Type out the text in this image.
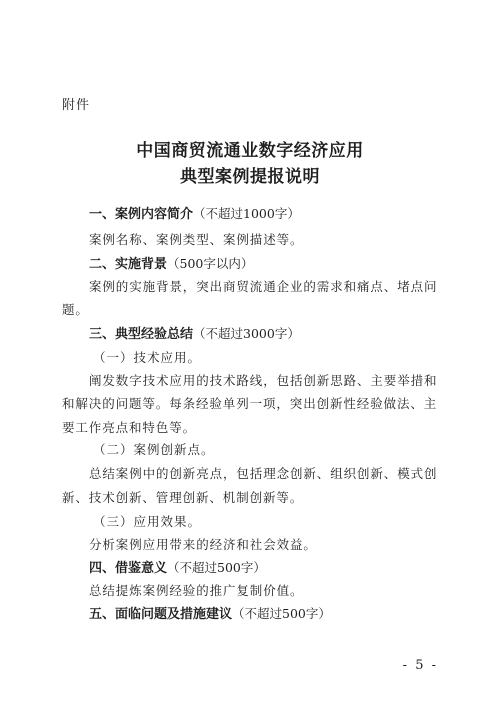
附件
中国商贸流通业数字经济应用
典型案例提报说明
一、案例内容简介（不超过1000字）
案例名称、案例类型、案例描述等。
二、实施背景（500字以内）
案例的实施背景，突出商贸流通企业的需求和痛点、堵点问
题。
三、典型经验总结（不超过3000字）
（一）技术应用。
阐发数字技术应用的技术路线，包括创新思路、主要举措和
和解决的问题等。每条经验单列一项，突出创新性经验做法、主
要工作亮点和特色等。
（二）案例创新点。
总结案例中的创新亮点，包括理念创新、组织创新、模式创
新、技术创新、管理创新、机制创新等。
（三）应用效果。
分析案例应用带来的经济和社会效益。
四、借鉴意义（不超过500字）
总结提炼案例经验的推广复制价值。
五、面临问题及措施建议（不超过500字）
- 5 -
